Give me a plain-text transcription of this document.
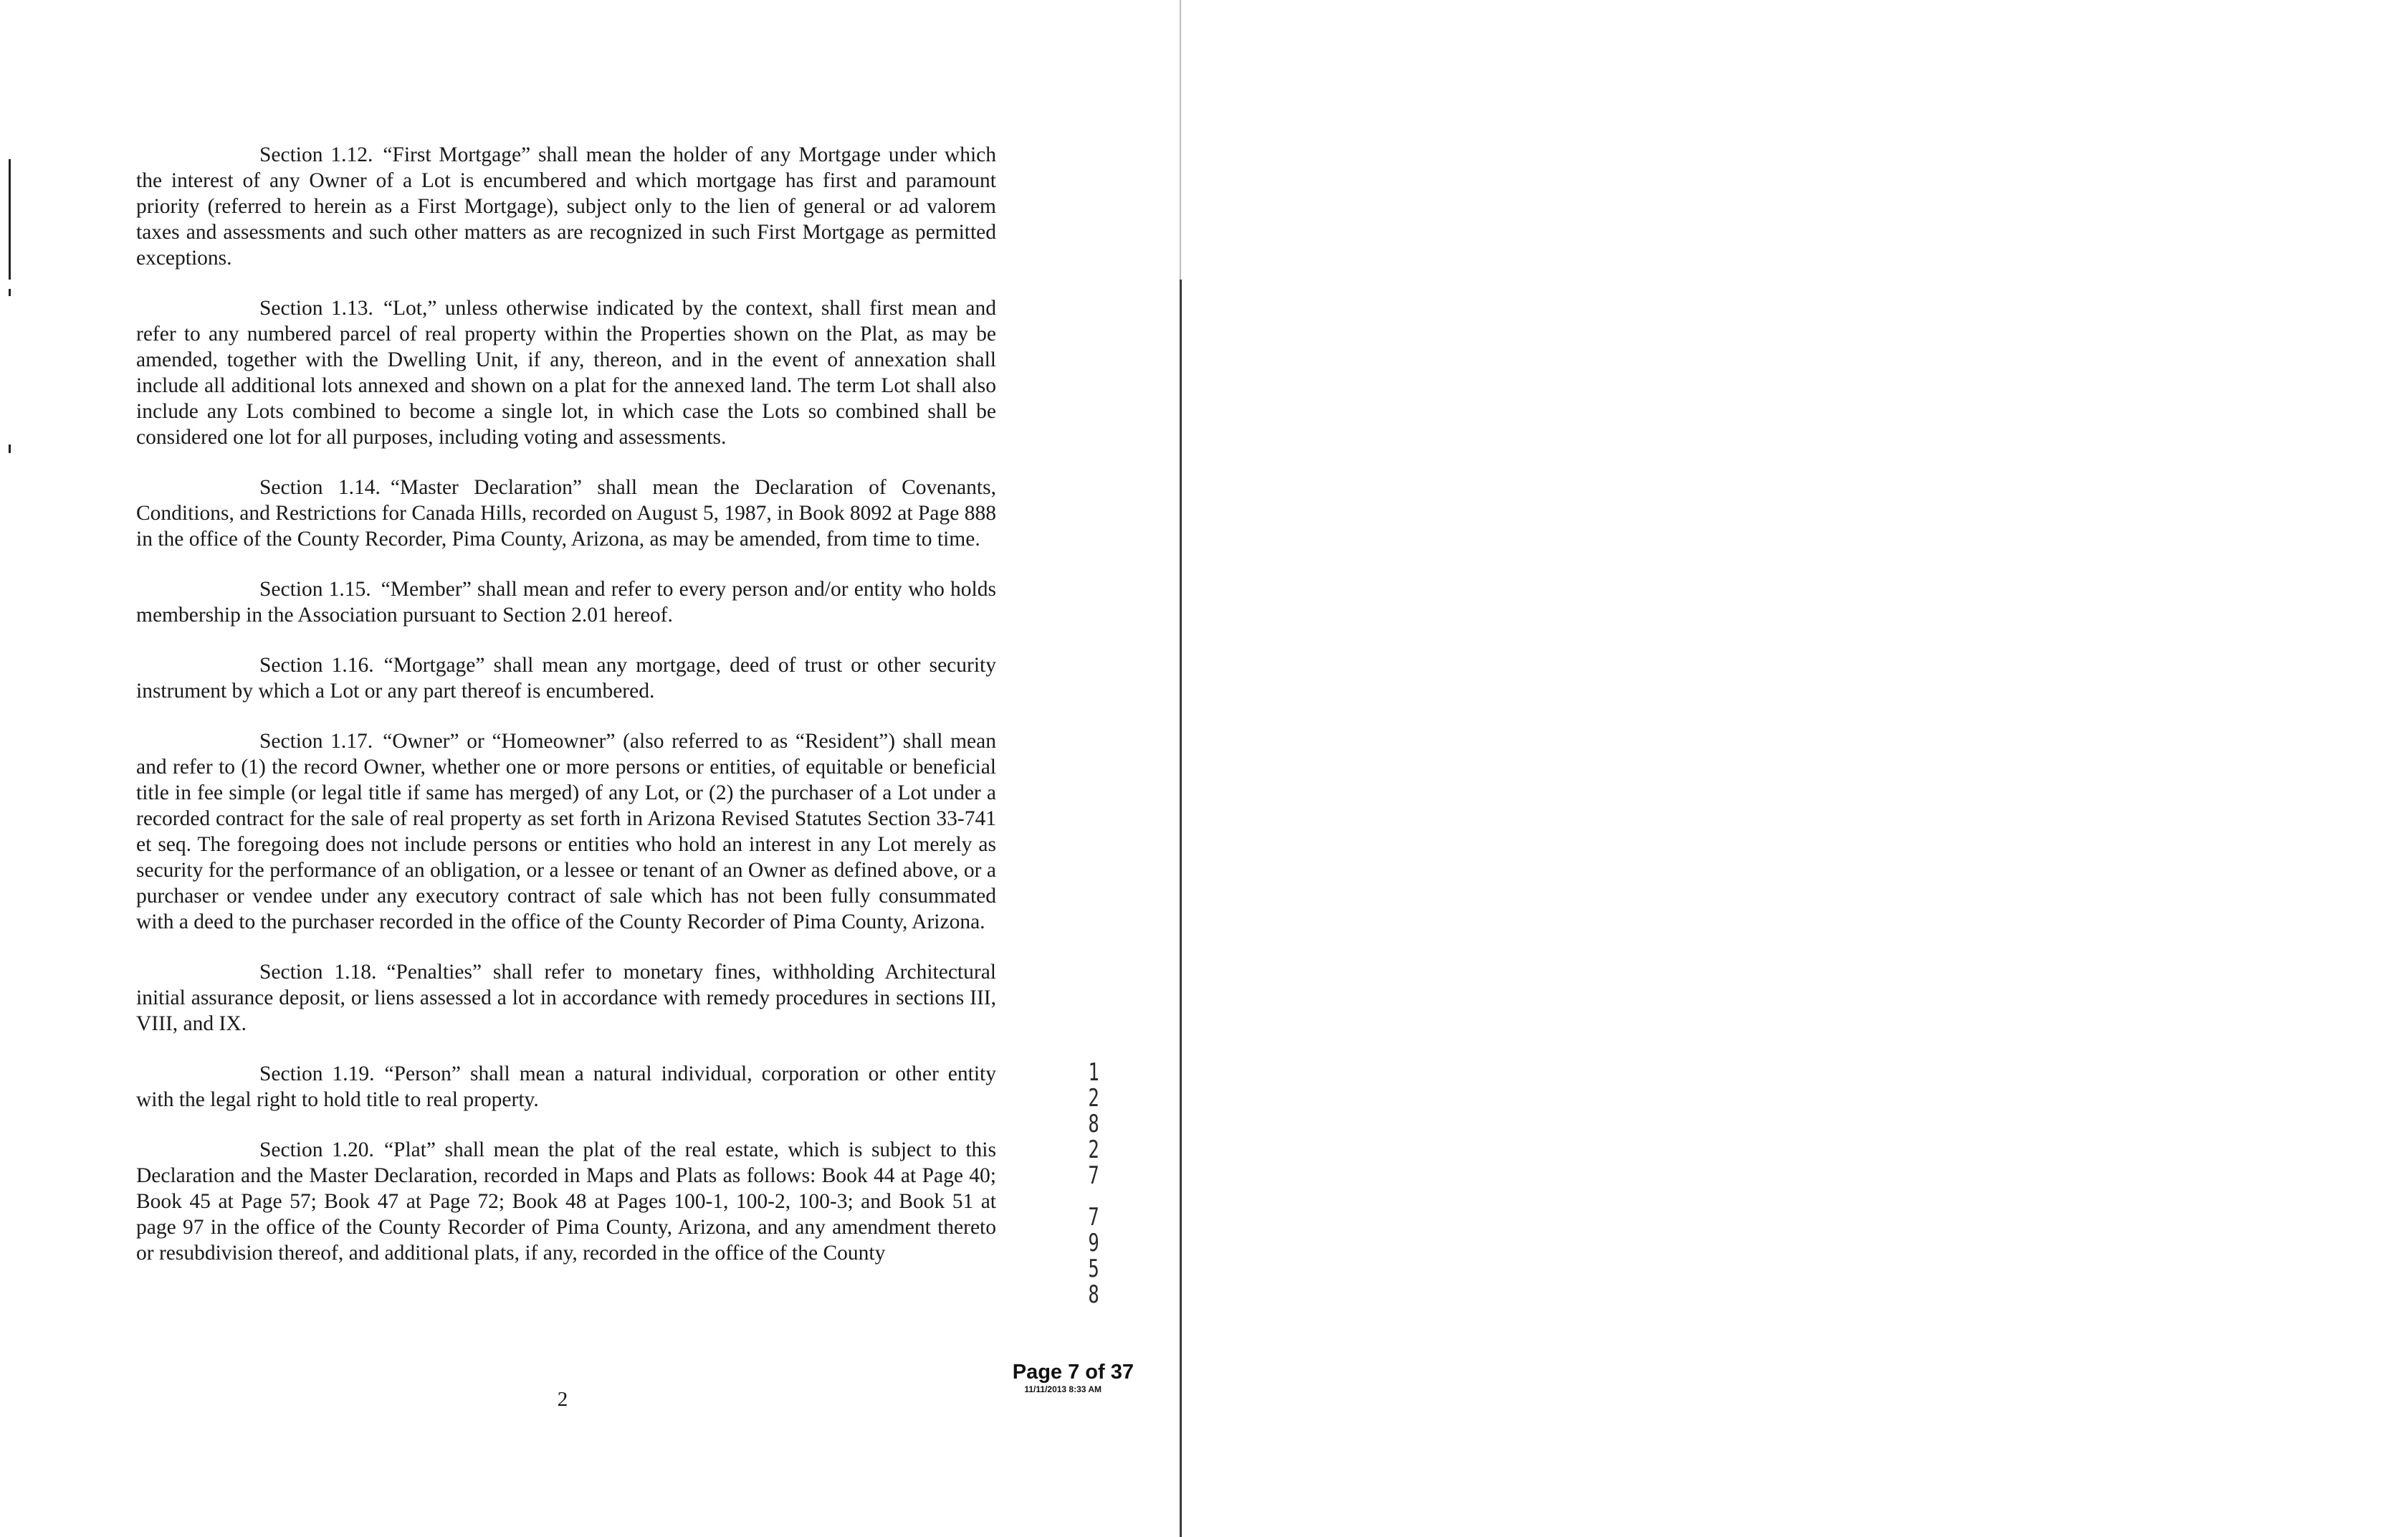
Section 1.12. “First Mortgage” shall mean the holder of any Mortgage under which the interest of any Owner of a Lot is encumbered and which mortgage has first and paramount priority (referred to herein as a First Mortgage), subject only to the lien of general or ad valorem taxes and assessments and such other matters as are recognized in such First Mortgage as permitted exceptions.

Section 1.13. “Lot,” unless otherwise indicated by the context, shall first mean and refer to any numbered parcel of real property within the Properties shown on the Plat, as may be amended, together with the Dwelling Unit, if any, thereon, and in the event of annexation shall include all additional lots annexed and shown on a plat for the annexed land. The term Lot shall also include any Lots combined to become a single lot, in which case the Lots so combined shall be considered one lot for all purposes, including voting and assessments.

Section 1.14. “Master Declaration” shall mean the Declaration of Covenants, Conditions, and Restrictions for Canada Hills, recorded on August 5, 1987, in Book 8092 at Page 888 in the office of the County Recorder, Pima County, Arizona, as may be amended, from time to time.

Section 1.15. “Member” shall mean and refer to every person and/or entity who holds membership in the Association pursuant to Section 2.01 hereof.

Section 1.16. “Mortgage” shall mean any mortgage, deed of trust or other security instrument by which a Lot or any part thereof is encumbered.

Section 1.17. “Owner” or “Homeowner” (also referred to as “Resident”) shall mean and refer to (1) the record Owner, whether one or more persons or entities, of equitable or beneficial title in fee simple (or legal title if same has merged) of any Lot, or (2) the purchaser of a Lot under a recorded contract for the sale of real property as set forth in Arizona Revised Statutes Section 33-741 et seq. The foregoing does not include persons or entities who hold an interest in any Lot merely as security for the performance of an obligation, or a lessee or tenant of an Owner as defined above, or a purchaser or vendee under any executory contract of sale which has not been fully consummated with a deed to the purchaser recorded in the office of the County Recorder of Pima County, Arizona.

Section 1.18. “Penalties” shall refer to monetary fines, withholding Architectural initial assurance deposit, or liens assessed a lot in accordance with remedy procedures in sections III, VIII, and IX.

Section 1.19. “Person” shall mean a natural individual, corporation or other entity with the legal right to hold title to real property.

Section 1.20. “Plat” shall mean the plat of the real estate, which is subject to this Declaration and the Master Declaration, recorded in Maps and Plats as follows: Book 44 at Page 40; Book 45 at Page 57; Book 47 at Page 72; Book 48 at Pages 100-1, 100-2, 100-3; and Book 51 at page 97 in the office of the County Recorder of Pima County, Arizona, and any amendment thereto or resubdivision thereof, and additional plats, if any, recorded in the office of the County

1
2
8
2
7
7
9
5
8
Page 7 of 37
11/11/2013 8:33 AM
2
